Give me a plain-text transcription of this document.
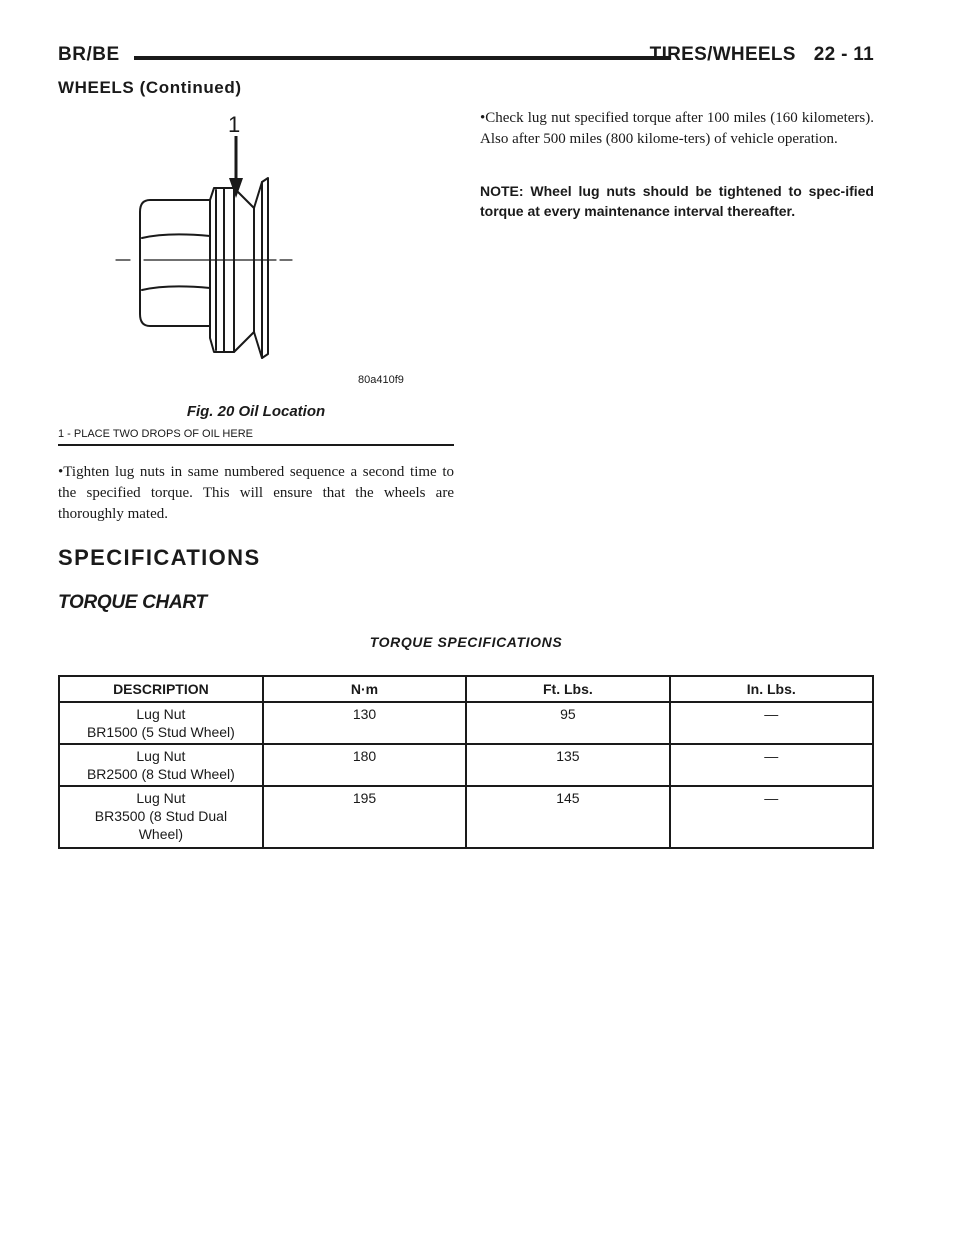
BR/BE	TIRES/WHEELS 22 - 11
WHEELS (Continued)
1
80a410f9
Fig. 20 Oil Location
1 - PLACE TWO DROPS OF OIL HERE

•Tighten lug nuts in same numbered sequence a second time to the specified torque. This will ensure that the wheels are thoroughly mated.

•Check lug nut specified torque after 100 miles (160 kilometers). Also after 500 miles (800 kilome-ters) of vehicle operation.

NOTE: Wheel lug nuts should be tightened to spec-ified torque at every maintenance interval thereafter.

SPECIFICATIONS
TORQUE CHART
TORQUE SPECIFICATIONS
DESCRIPTION	N·m	Ft. Lbs.	In. Lbs.
Lug Nut
BR1500 (5 Stud Wheel)	130	95	—
Lug Nut
BR2500 (8 Stud Wheel)	180	135	—
Lug Nut
BR3500 (8 Stud Dual Wheel)	195	145	—
